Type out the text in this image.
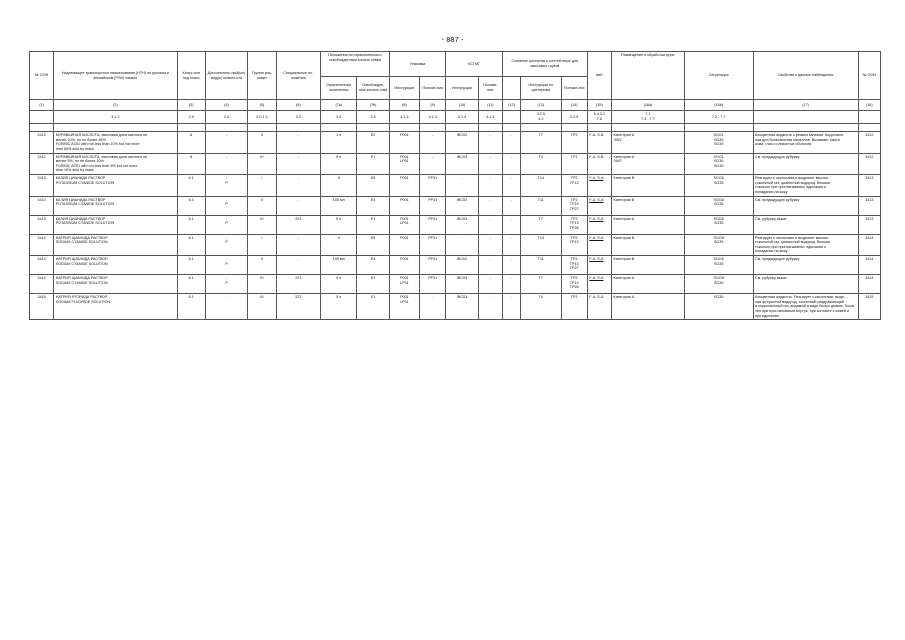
- 887 -
№ ООН	Надлежащее транспортное наименование (НТН) на русском и английском (PSN) языках	Класс или под-класс	Дополнитель-ный(ые) вид(ы) опасно-сти	Группа упа-ковки	Специальные по-ложения	Положения по ограниченным и освобожденным количе-ствам		Упаковка		КСГМГ		Съемные цистерны и контей-неры для массовых грузов			АвЕ	Размещение и обработка грузе	Сегрегация	Свойства и данные наблюдения	№ ООН
						Ограниченные количества	Освобожден-ные количе-ства	Инструкции	Положе-ния	Инструкции	Положе-ния		Инструкции по цистернам	Положе-ния					
(1)	(2)	(3)	(4)	(5)	(6)	(7a)	(7b)	(8)	(9)	(10)	(11)	(12)	(13)	(14)	(15)	(16a)	(16b)	(17)	(18)
	3.1.2	2.0	2.0	2.0.1.3	3.3	3.4	3.5	4.1.4	4.1.4	4.1.4	4.1.4		4.2.5
4.3	4.2.5	5.4.3.2
7.8	7.1
7.3 - 7.7	7.2 - 7.7		

3412	МУРАВЬИНАЯ КИСЛОТА, массовая доля кислоты не
менее 10%, но не более 85%
FORMIC ACID with not less than 10% but not more
than 85% acid by mass	8	-	II	-	1 л	E2	P001	-	IBC02	-	-	T7	TP2	F-A, S-B	Категория A
SW2	SGG1
SG36
SG49	Бесцветная жидкость с резким запахом. Коррозион-
ная для большинства металлов. Вызывает ожоги
кожи, глаз и слизистых оболочек	3412
3412	МУРАВЬИНАЯ КИСЛОТА, массовая доля кислоты не
менее 5%, но не более 10%
FORMIC ACID with not less than 5% but not more
than 10% acid by mass	8	-	III	-	5 л	E1	P001
LP01	-	IBC03	-	-	T4	TP1	F-A, S-B	Категория A
SW2	SGG1
SG36
SG49	См. предыдущую рубрику	3412
3413	КАЛИЯ ЦИАНИДА РАСТВОР
POTASSIUM CYANIDE SOLUTION	6.1	-
P	I	-	0	E5	P001	PP31	-	-	-	T14	TP2
TP13	F-A, S-A	Категория B	SGG6
SG35	Реагирует с кислотами и выделяет высоко-
токсичный газ, цианистый водород. Весьма
токсичен при проглатывании, вдыхании и
попадании на кожу	3413
3413	КАЛИЯ ЦИАНИДА РАСТВОР
POTASSIUM CYANIDE SOLUTION	6.1	-
P	II	-	100 мл	E4	P001	PP31	IBC02	-	-	T11	TP2
TP13
TP27	F-A, S-A	Категория B	SGG6
SG35	См. предыдущую рубрику	3413
3413	КАЛИЯ ЦИАНИДА РАСТВОР
POTASSIUM CYANIDE SOLUTION	6.1	-
P	III	223	5 л	E1	P001
LP01	PP31	IBC03	-	-	T7	TP2
TP13
TP28	F-A, S-A	Категория A	SGG6
SG35	См. рубрику выше	3413
3414	НАТРИЯ ЦИАНИДА РАСТВОР
SODIUM CYANIDE SOLUTION	6.1	-
P	I	-	0	E5	P001	PP31	-	-	-	T14	TP2
TP13	F-A, S-A	Категория B	SGG6
SG35	Реагирует с кислотами и выделяет высоко-
токсичный газ, цианистый водород. Весьма
токсичен при проглатывании, вдыхании и
попадании на кожу	3414
3414	НАТРИЯ ЦИАНИДА РАСТВОР
SODIUM CYANIDE SOLUTION	6.1	-
P	II	-	100 мл	E4	P001	PP31	IBC02	-	-	T11	TP2
TP13
TP27	F-A, S-A	Категория B	SGG6
SG35	См. предыдущую рубрику	3414
3414	НАТРИЯ ЦИАНИДА РАСТВОР
SODIUM CYANIDE SOLUTION	6.1	-
P	III	223	5 л	E1	P001
LP01	PP31	IBC03	-	-	T7	TP2
TP13
TP28	F-A, S-A	Категория A	SGG6
SG35	См. рубрику выше	3414
3415	НАТРИЯ ФТОРИДА РАСТВОР
SODIUM FLUORIDE SOLUTION	6.1	-	III	223	5 л	E1	P001
LP01	-	IBC03	-	-	T4	TP1	F-A, S-A	Категория A	SG35	Бесцветная жидкость. Реагирует с кислотами, выде-
ляя фтористый водород, токсичный раздражающий
и коррозионный газ, видимый в виде белых дымов. Токси-
чен при проглатывании внутрь, при контакте с кожей и
при вдыхании	3415
